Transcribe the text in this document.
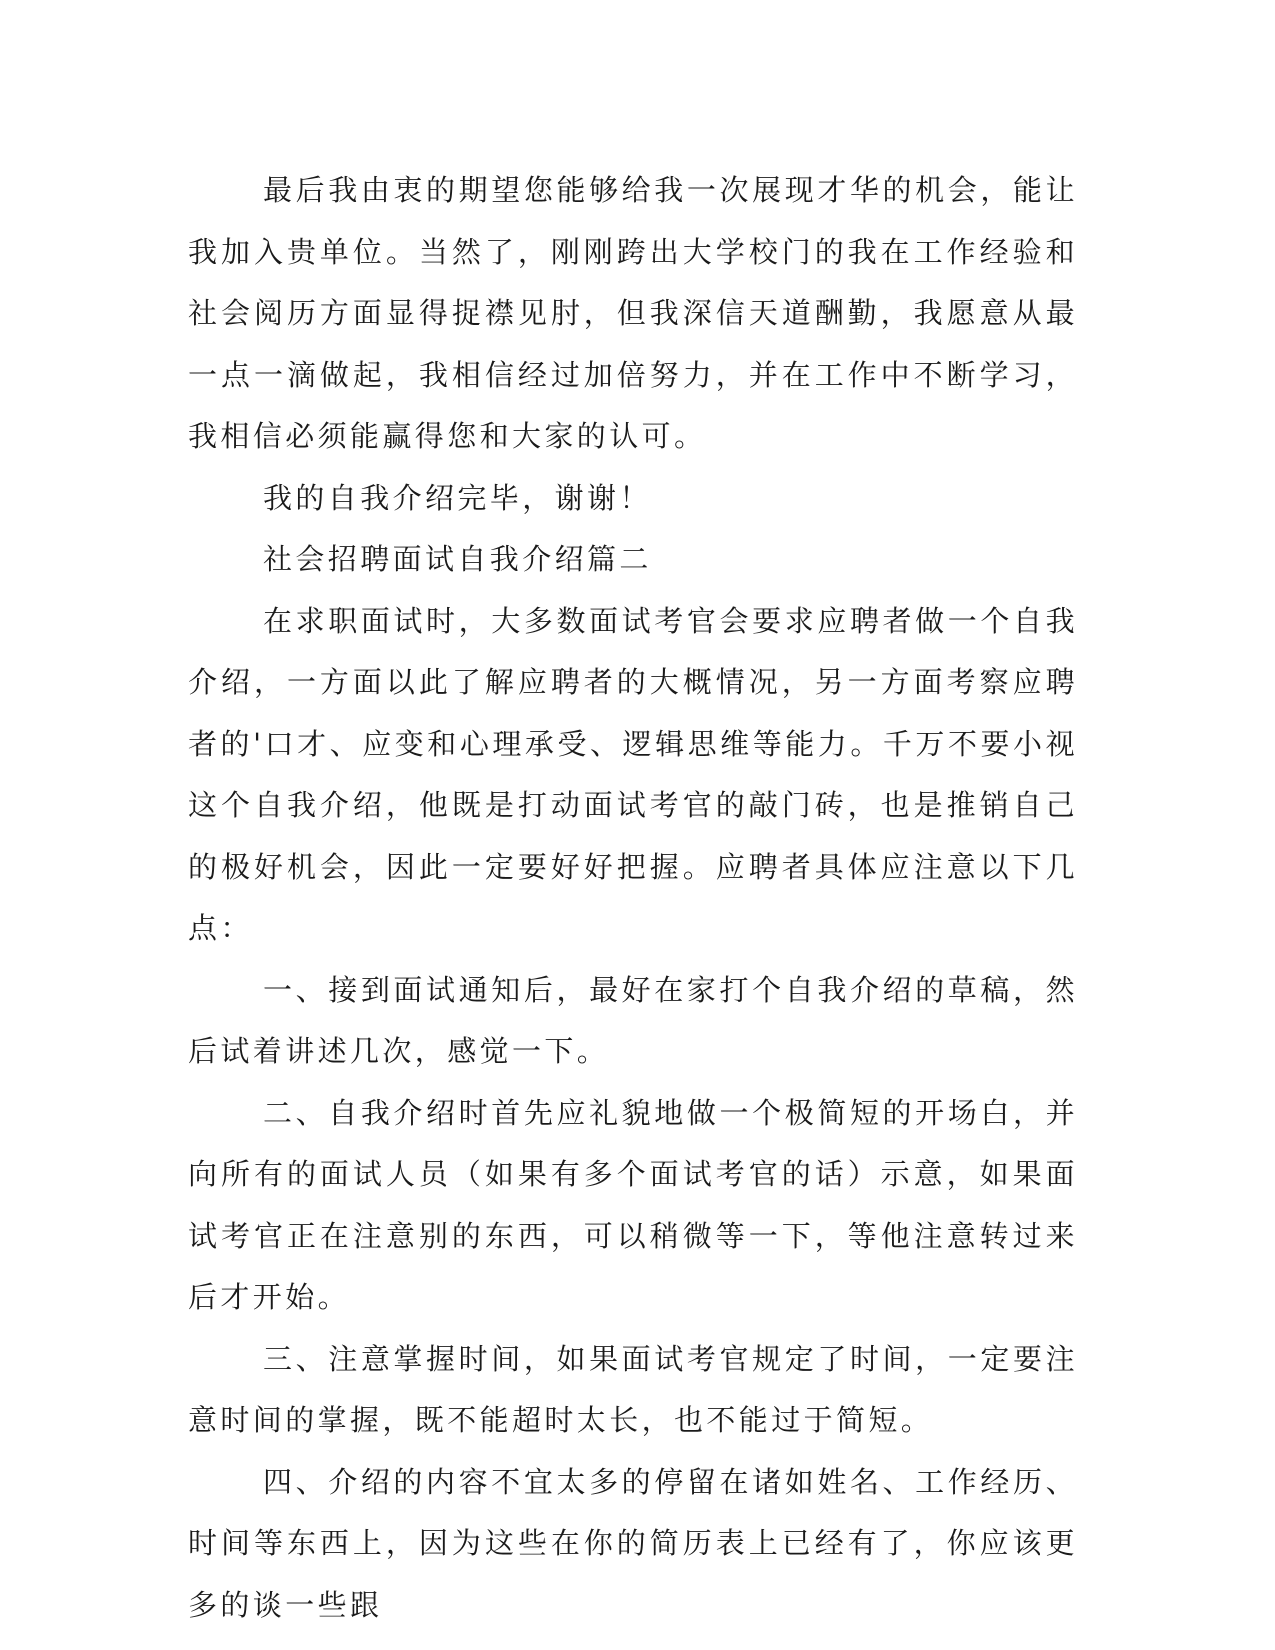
最后我由衷的期望您能够给我一次展现才华的机会，能让我加入贵单位。当然了，刚刚跨出大学校门的我在工作经验和社会阅历方面显得捉襟见肘，但我深信天道酬勤，我愿意从最一点一滴做起，我相信经过加倍努力，并在工作中不断学习，我相信必须能赢得您和大家的认可。

我的自我介绍完毕，谢谢！

社会招聘面试自我介绍篇二

在求职面试时，大多数面试考官会要求应聘者做一个自我介绍，一方面以此了解应聘者的大概情况，另一方面考察应聘者的'口才、应变和心理承受、逻辑思维等能力。千万不要小视这个自我介绍，他既是打动面试考官的敲门砖，也是推销自己的极好机会，因此一定要好好把握。应聘者具体应注意以下几点：

一、接到面试通知后，最好在家打个自我介绍的草稿，然后试着讲述几次，感觉一下。

二、自我介绍时首先应礼貌地做一个极简短的开场白，并向所有的面试人员（如果有多个面试考官的话）示意，如果面试考官正在注意别的东西，可以稍微等一下，等他注意转过来后才开始。

三、注意掌握时间，如果面试考官规定了时间，一定要注意时间的掌握，既不能超时太长，也不能过于简短。

四、介绍的内容不宜太多的停留在诸如姓名、工作经历、时间等东西上，因为这些在你的简历表上已经有了，你应该更多的谈一些跟
